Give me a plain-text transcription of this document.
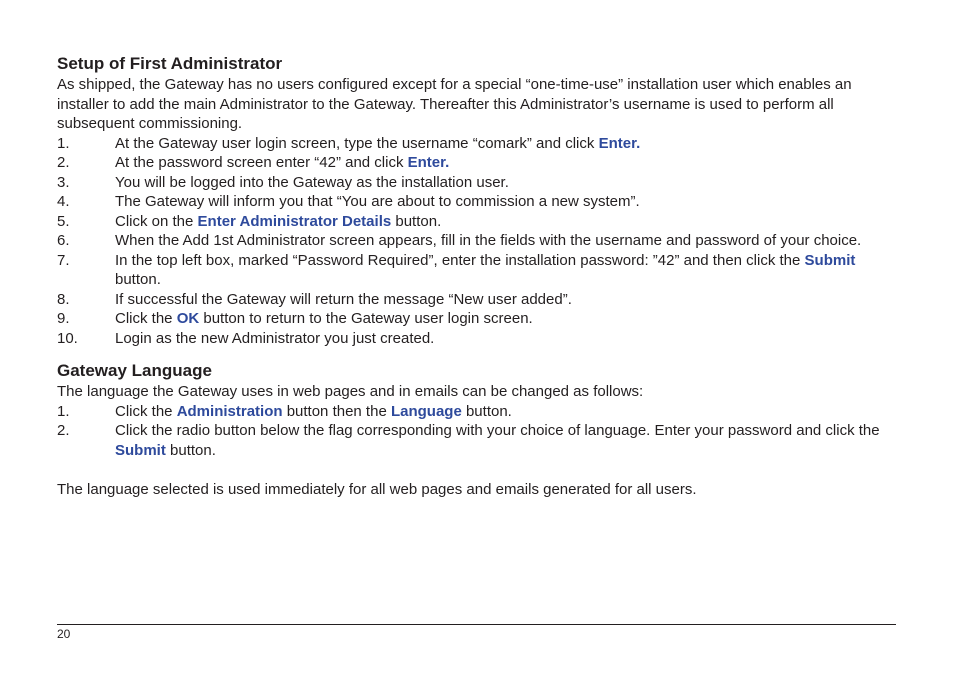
Setup of First Administrator

As shipped, the Gateway has no users configured except for a special “one-time-use” installation user which enables an installer to add the main Administrator to the Gateway. Thereafter this Administrator’s username is used to perform all subsequent commissioning.

1.	At the Gateway user login screen, type the username “comark” and click Enter.
2.	At the password screen enter “42” and click Enter.
3.	You will be logged into the Gateway as the installation user.
4.	The Gateway will inform you that “You are about to commission a new system”.
5.	Click on the Enter Administrator Details button.
6.	When the Add 1st Administrator screen appears, fill in the fields with the username and password of your choice.
7.	In the top left box, marked “Password Required”, enter the installation password: ”42” and then click the Submit button.
8.	If successful the Gateway will return the message “New user added”.
9.	Click the OK button to return to the Gateway user login screen.
10. Login as the new Administrator you just created.
Gateway Language

The language the Gateway uses in web pages and in emails can be changed as follows:

1.	Click the Administration button then the Language button.
2.	Click the radio button below the flag corresponding with your choice of language. Enter your password and click the Submit button.

The language selected is used immediately for all web pages and emails generated for all users.

20
